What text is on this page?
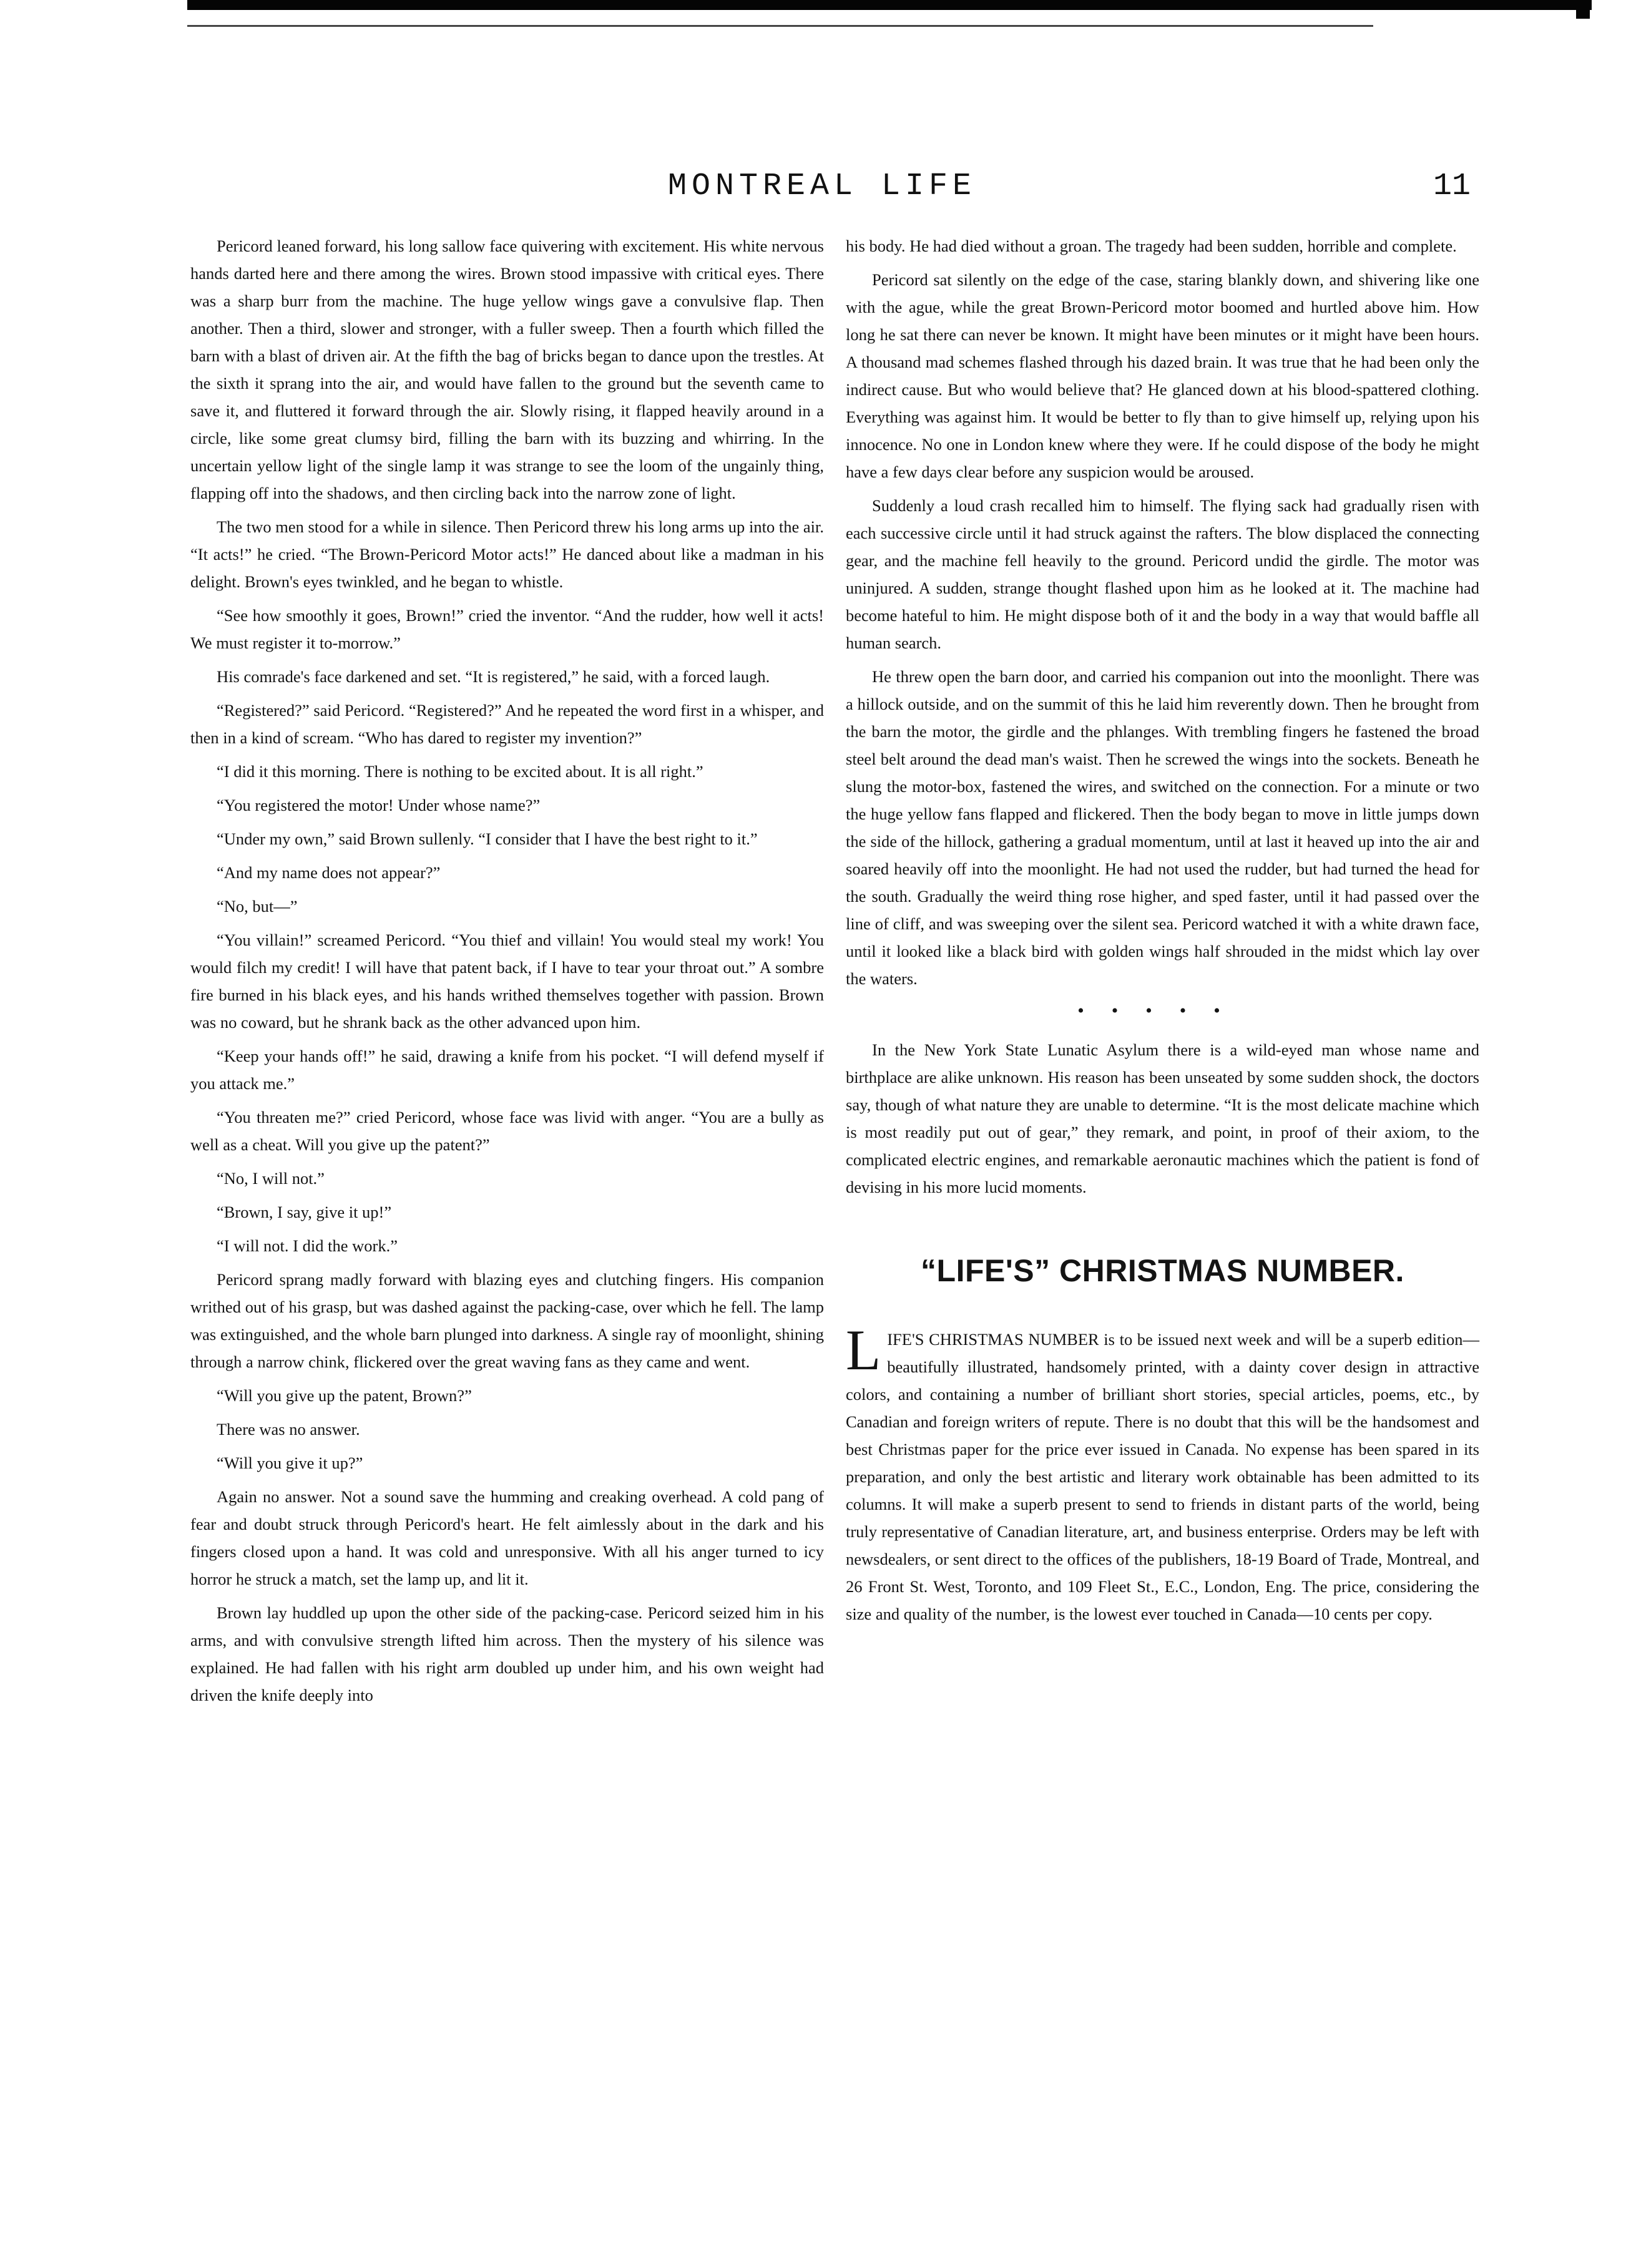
MONTREAL LIFE	11

Pericord leaned forward, his long sallow face quivering with excitement. His white nervous hands darted here and there among the wires. Brown stood impassive with critical eyes. There was a sharp burr from the machine. The huge yellow wings gave a convulsive flap. Then another. Then a third, slower and stronger, with a fuller sweep. Then a fourth which filled the barn with a blast of driven air. At the fifth the bag of bricks began to dance upon the trestles. At the sixth it sprang into the air, and would have fallen to the ground but the seventh came to save it, and fluttered it forward through the air. Slowly rising, it flapped heavily around in a circle, like some great clumsy bird, filling the barn with its buzzing and whirring. In the uncertain yellow light of the single lamp it was strange to see the loom of the ungainly thing, flapping off into the shadows, and then circling back into the narrow zone of light.

The two men stood for a while in silence. Then Pericord threw his long arms up into the air. “It acts!” he cried. “The Brown-Pericord Motor acts!” He danced about like a madman in his delight. Brown's eyes twinkled, and he began to whistle.

“See how smoothly it goes, Brown!” cried the inventor. “And the rudder, how well it acts! We must register it to-morrow.”

His comrade's face darkened and set. “It is registered,” he said, with a forced laugh.

“Registered?” said Pericord. “Registered?” And he repeated the word first in a whisper, and then in a kind of scream. “Who has dared to register my invention?”

“I did it this morning. There is nothing to be excited about. It is all right.”

“You registered the motor! Under whose name?”

“Under my own,” said Brown sullenly. “I consider that I have the best right to it.”

“And my name does not appear?”

“No, but—”

“You villain!” screamed Pericord. “You thief and villain! You would steal my work! You would filch my credit! I will have that patent back, if I have to tear your throat out.” A sombre fire burned in his black eyes, and his hands writhed themselves together with passion. Brown was no coward, but he shrank back as the other advanced upon him.

“Keep your hands off!” he said, drawing a knife from his pocket. “I will defend myself if you attack me.”

“You threaten me?” cried Pericord, whose face was livid with anger. “You are a bully as well as a cheat. Will you give up the patent?”

“No, I will not.”

“Brown, I say, give it up!”

“I will not. I did the work.”

Pericord sprang madly forward with blazing eyes and clutching fingers. His companion writhed out of his grasp, but was dashed against the packing-case, over which he fell. The lamp was extinguished, and the whole barn plunged into darkness. A single ray of moonlight, shining through a narrow chink, flickered over the great waving fans as they came and went.

“Will you give up the patent, Brown?”

There was no answer.

“Will you give it up?”

Again no answer. Not a sound save the humming and creaking overhead. A cold pang of fear and doubt struck through Pericord's heart. He felt aimlessly about in the dark and his fingers closed upon a hand. It was cold and unresponsive. With all his anger turned to icy horror he struck a match, set the lamp up, and lit it.

Brown lay huddled up upon the other side of the packing-case. Pericord seized him in his arms, and with convulsive strength lifted him across. Then the mystery of his silence was explained. He had fallen with his right arm doubled up under him, and his own weight had driven the knife deeply into

his body. He had died without a groan. The tragedy had been sudden, horrible and complete.

Pericord sat silently on the edge of the case, staring blankly down, and shivering like one with the ague, while the great Brown-Pericord motor boomed and hurtled above him. How long he sat there can never be known. It might have been minutes or it might have been hours. A thousand mad schemes flashed through his dazed brain. It was true that he had been only the indirect cause. But who would believe that? He glanced down at his blood-spattered clothing. Everything was against him. It would be better to fly than to give himself up, relying upon his innocence. No one in London knew where they were. If he could dispose of the body he might have a few days clear before any suspicion would be aroused.

Suddenly a loud crash recalled him to himself. The flying sack had gradually risen with each successive circle until it had struck against the rafters. The blow displaced the connecting gear, and the machine fell heavily to the ground. Pericord undid the girdle. The motor was uninjured. A sudden, strange thought flashed upon him as he looked at it. The machine had become hateful to him. He might dispose both of it and the body in a way that would baffle all human search.

He threw open the barn door, and carried his companion out into the moonlight. There was a hillock outside, and on the summit of this he laid him reverently down. Then he brought from the barn the motor, the girdle and the phlanges. With trembling fingers he fastened the broad steel belt around the dead man's waist. Then he screwed the wings into the sockets. Beneath he slung the motor-box, fastened the wires, and switched on the connection. For a minute or two the huge yellow fans flapped and flickered. Then the body began to move in little jumps down the side of the hillock, gathering a gradual momentum, until at last it heaved up into the air and soared heavily off into the moonlight. He had not used the rudder, but had turned the head for the south. Gradually the weird thing rose higher, and sped faster, until it had passed over the line of cliff, and was sweeping over the silent sea. Pericord watched it with a white drawn face, until it looked like a black bird with golden wings half shrouded in the midst which lay over the waters.

•••••

In the New York State Lunatic Asylum there is a wild-eyed man whose name and birthplace are alike unknown. His reason has been unseated by some sudden shock, the doctors say, though of what nature they are unable to determine. “It is the most delicate machine which is most readily put out of gear,” they remark, and point, in proof of their axiom, to the complicated electric engines, and remarkable aeronautic machines which the patient is fond of devising in his more lucid moments.

“LIFE'S” CHRISTMAS NUMBER.

LIFE'S CHRISTMAS NUMBER is to be issued next week and will be a superb edition—beautifully illustrated, handsomely printed, with a dainty cover design in attractive colors, and containing a number of brilliant short stories, special articles, poems, etc., by Canadian and foreign writers of repute. There is no doubt that this will be the handsomest and best Christmas paper for the price ever issued in Canada. No expense has been spared in its preparation, and only the best artistic and literary work obtainable has been admitted to its columns. It will make a superb present to send to friends in distant parts of the world, being truly representative of Canadian literature, art, and business enterprise. Orders may be left with newsdealers, or sent direct to the offices of the publishers, 18-19 Board of Trade, Montreal, and 26 Front St. West, Toronto, and 109 Fleet St., E.C., London, Eng. The price, considering the size and quality of the number, is the lowest ever touched in Canada—10 cents per copy.
